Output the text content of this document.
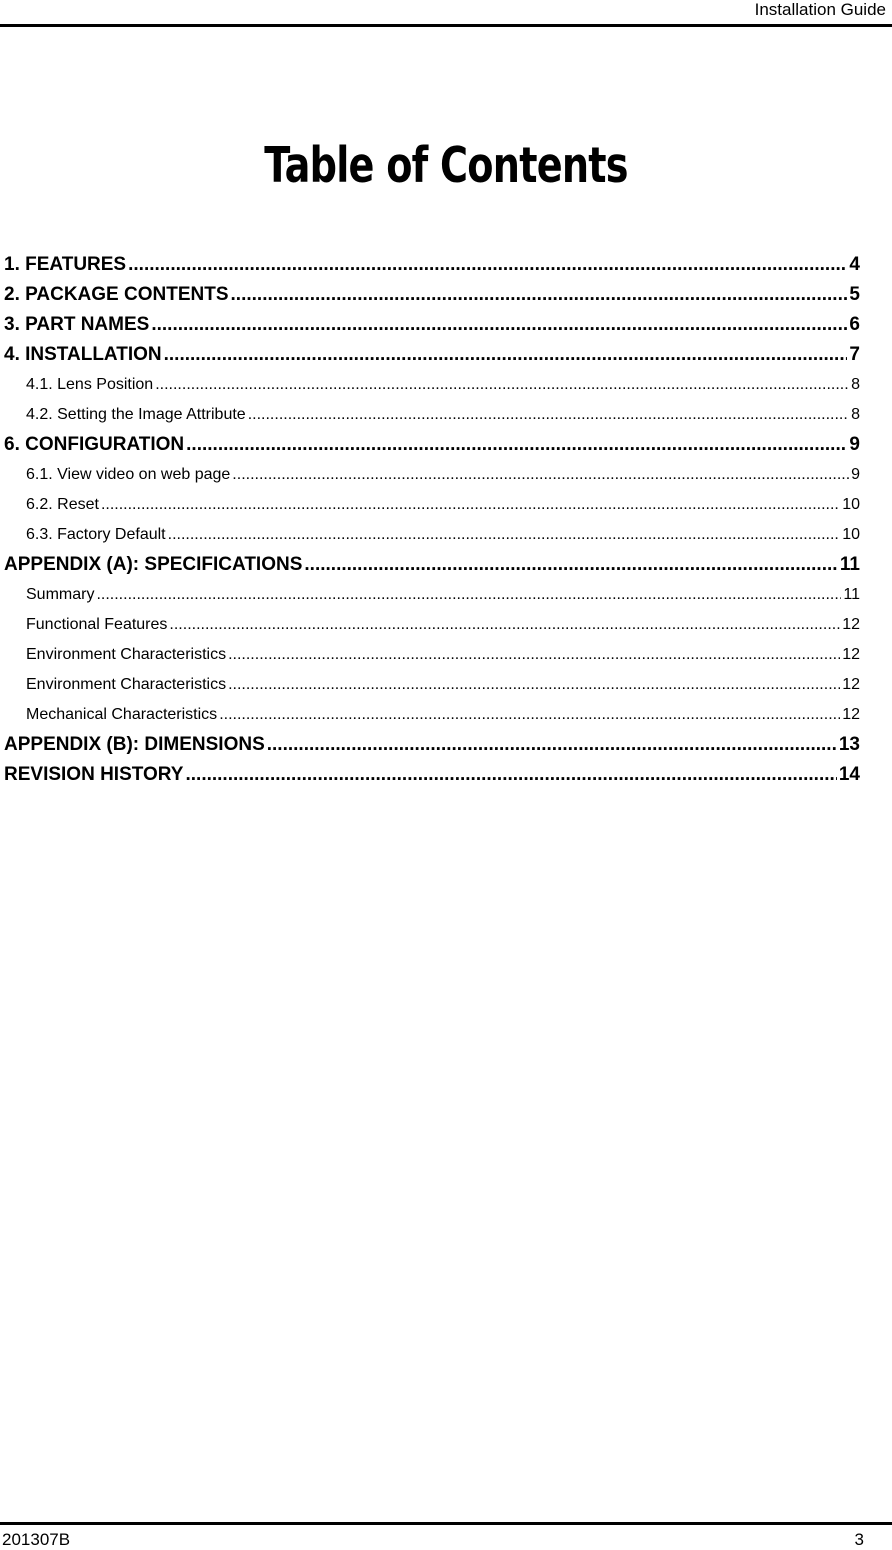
Installation Guide
Table of Contents
1. FEATURES .....	4
2. PACKAGE CONTENTS .....	5
3. PART NAMES .....	6
4. INSTALLATION .....	7
4.1. Lens Position .....	8
4.2. Setting the Image Attribute .....	8
6. CONFIGURATION .....	9
6.1. View video on web page .....	9
6.2. Reset .....	10
6.3. Factory Default .....	10
APPENDIX (A): SPECIFICATIONS .....	11
Summary .....	11
Functional Features .....	12
Environment Characteristics .....	12
Environment Characteristics .....	12
Mechanical Characteristics .....	12
APPENDIX (B): DIMENSIONS .....	13
REVISION HISTORY .....	14
201307B	3
